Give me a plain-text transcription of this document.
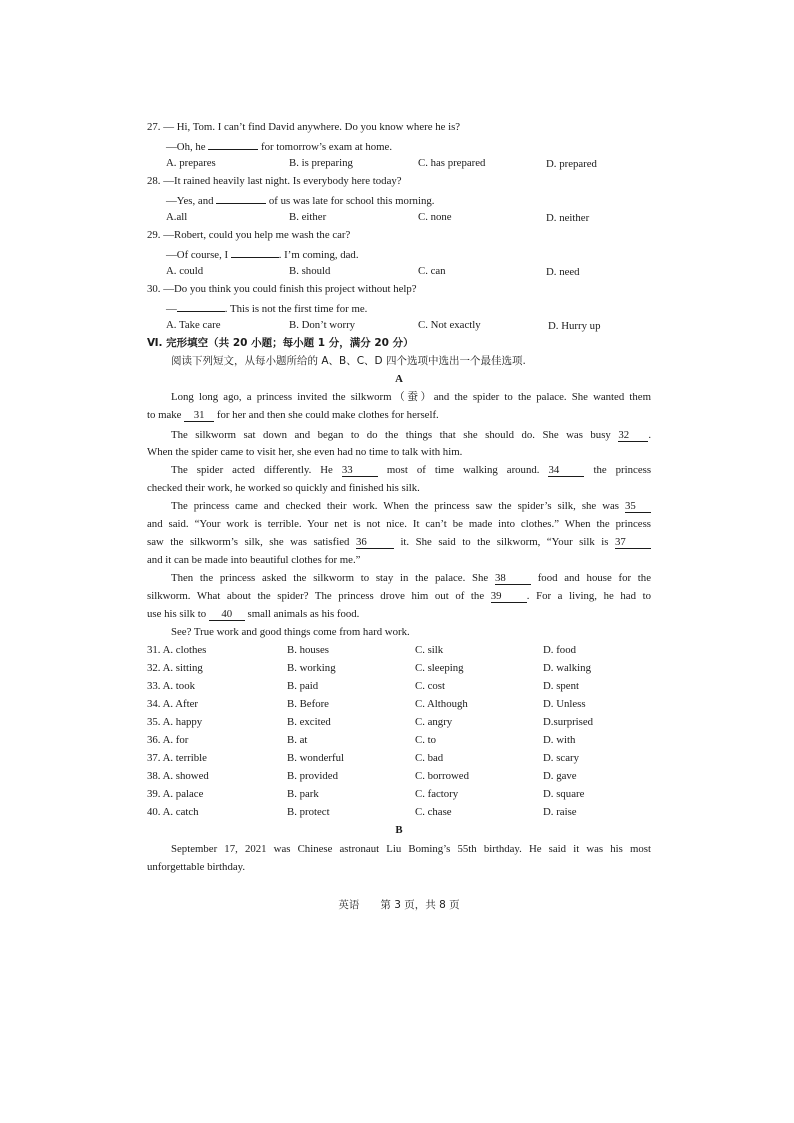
27. — Hi, Tom. I can’t find David anywhere. Do you know where he is?
—Oh, he	for tomorrow’s exam at home.
A. prepares	B. is preparing	C. has prepared	D. prepared
28. —It rained heavily last night. Is everybody here today?
—Yes, and	of us was late for school this morning.
A.all	B. either	C. none	D. neither
29. —Robert, could you help me wash the car?
—Of course, I	. I’m coming, dad.
A. could	B. should	C. can	D. need
30. —Do you think you could finish this project without help?
—	. This is not the first time for me.
A. Take care	B. Don’t worry	C. Not exactly	D. Hurry up
Ⅵ. 完形填空（共 20 小题；每小题 1 分，满分 20 分）
阅读下列短文，从每小题所给的 A、B、C、D 四个选项中选出一个最佳选项.
A
Long long ago, a princess invited the silkworm（蚕）and the spider to the palace. She wanted them
to make 31 for her and then she could make clothes for herself.
The silkworm sat down and began to do the things that she should do. She was busy 32 .
When the spider came to visit her, she even had no time to talk with him.
The spider acted differently. He 33	most of time walking around. 34	the princess
checked their work, he worked so quickly and finished his silk.
The princess came and checked their work. When the princess saw the spider’s silk, she was 35
and said. “Your work is terrible. Your net is not nice. It can’t be made into clothes.” When the princess
saw the silkworm’s silk, she was satisfied 36	it. She said to the silkworm, “Your silk is 37
and it can be made into beautiful clothes for me.”
Then the princess asked the silkworm to stay in the palace. She 38	food and house for the
silkworm. What about the spider? The princess drove him out of the 39 . For a living, he had to
use his silk to 40 small animals as his food.
See? True work and good things come from hard work.
31. A. clothes	B. houses	C. silk	D. food
32. A. sitting	B. working	C. sleeping	D. walking
33. A. took	B. paid	C. cost	D. spent
34. A. After	B. Before	C. Although	D. Unless
35. A. happy	B. excited	C. angry	D.surprised
36. A. for	B. at	C. to	D. with
37. A. terrible	B. wonderful	C. bad	D. scary
38. A. showed	B. provided	C. borrowed	D. gave
39. A. palace	B. park	C. factory	D. square
40. A. catch	B. protect	C. chase	D. raise
B
September 17, 2021 was Chinese astronaut Liu Boming’s 55th birthday. He said it was his most
unforgettable birthday.
英语　　第 3 页，共 8 页
